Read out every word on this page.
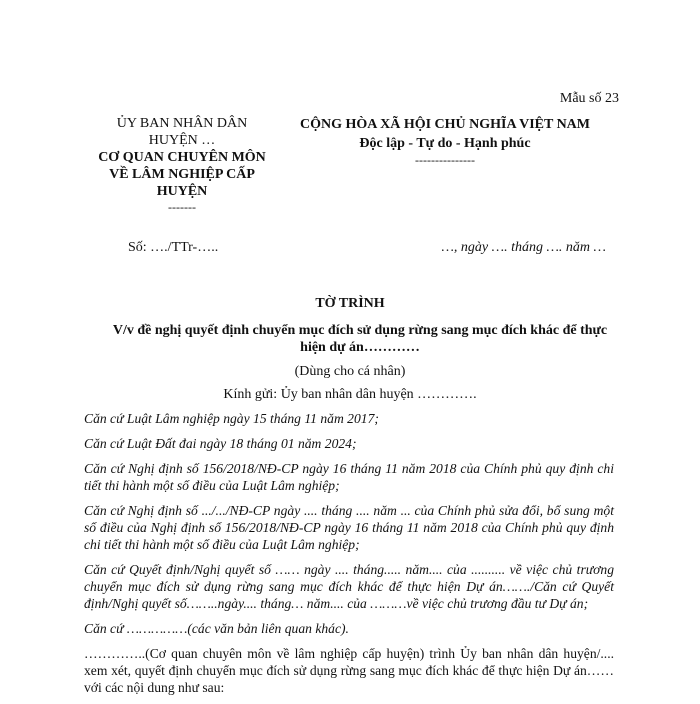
Mẫu số 23
ỦY BAN NHÂN DÂN
HUYỆN …
CƠ QUAN CHUYÊN MÔN
VỀ LÂM NGHIỆP CẤP
HUYỆN
-------
CỘNG HÒA XÃ HỘI CHỦ NGHĨA VIỆT NAM
Độc lập - Tự do - Hạnh phúc
---------------
Số: …./TTr-…..	…, ngày …. tháng …. năm …
TỜ TRÌNH
V/v đề nghị quyết định chuyển mục đích sử dụng rừng sang mục đích khác để thực hiện dự án…………
(Dùng cho cá nhân)
Kính gửi: Ủy ban nhân dân huyện ………….

Căn cứ Luật Lâm nghiệp ngày 15 tháng 11 năm 2017;

Căn cứ Luật Đất đai ngày 18 tháng 01 năm 2024;

Căn cứ Nghị định số 156/2018/NĐ-CP ngày 16 tháng 11 năm 2018 của Chính phủ quy định chi tiết thi hành một số điều của Luật Lâm nghiệp;

Căn cứ Nghị định số .../.../NĐ-CP ngày .... tháng .... năm ... của Chính phủ sửa đổi, bổ sung một số điều của Nghị định số 156/2018/NĐ-CP ngày 16 tháng 11 năm 2018 của Chính phủ quy định chi tiết thi hành một số điều của Luật Lâm nghiệp;

Căn cứ Quyết định/Nghị quyết số …… ngày .... tháng..... năm.... của .......... về việc chủ trương chuyển mục đích sử dụng rừng sang mục đích khác để thực hiện Dự án……./Căn cứ Quyết định/Nghị quyết số……..ngày.... tháng… năm.... của ………về việc chủ trương đầu tư Dự án;

Căn cứ ……………(các văn bản liên quan khác).

…………..(Cơ quan chuyên môn về lâm nghiệp cấp huyện) trình Ủy ban nhân dân huyện/.... xem xét, quyết định chuyển mục đích sử dụng rừng sang mục đích khác để thực hiện Dự án…… với các nội dung như sau:
